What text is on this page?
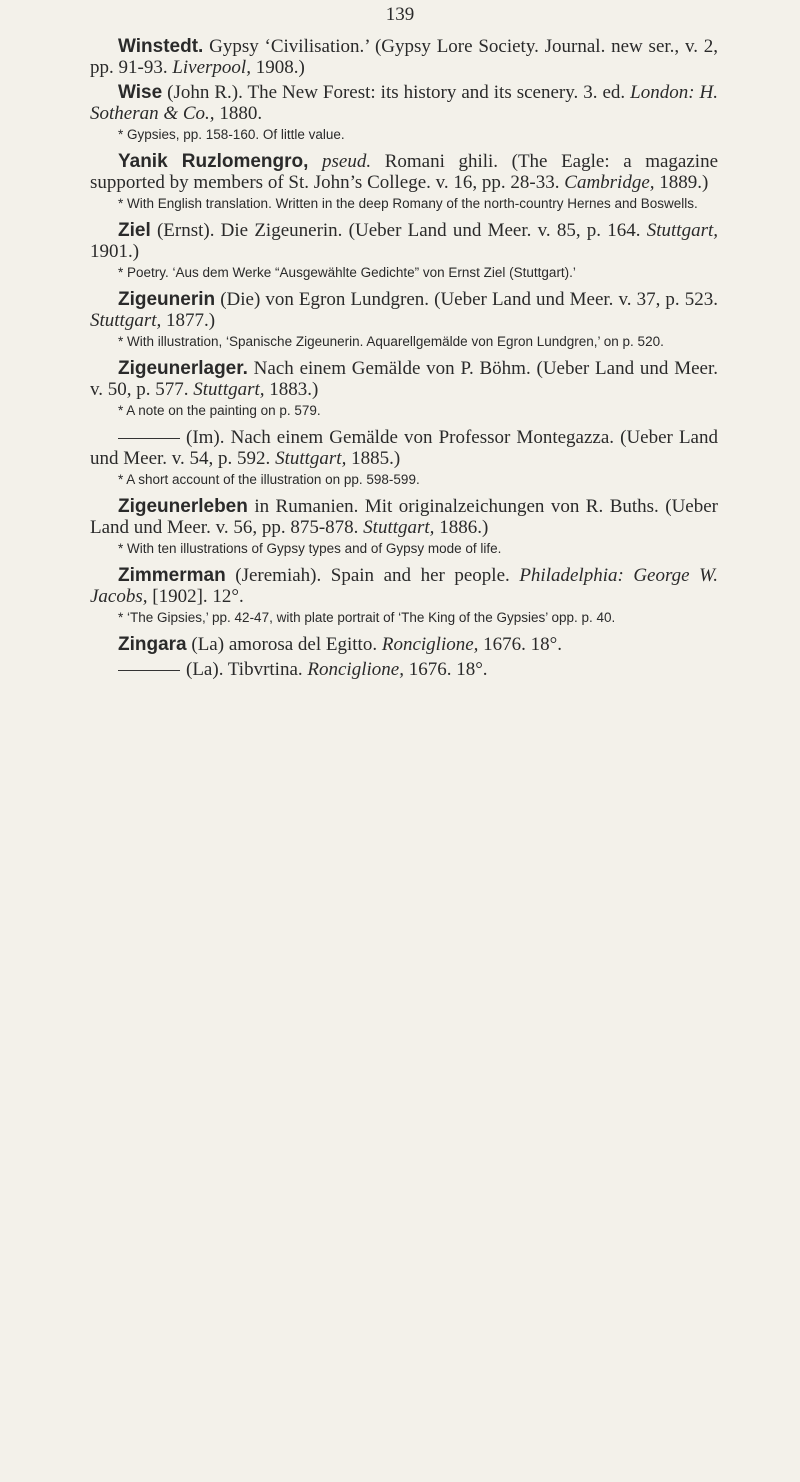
139

Winstedt. Gypsy ‘Civilisation.’ (Gypsy Lore Society. Journal. new ser., v. 2, pp. 91-93. Liverpool, 1908.)

Wise (John R.). The New Forest: its history and its scenery. 3. ed. London: H. Sotheran & Co., 1880.

* Gypsies, pp. 158-160. Of little value.

Yanik Ruzlomengro, pseud. Romani ghili. (The Eagle: a magazine supported by members of St. John’s College. v. 16, pp. 28-33. Cambridge, 1889.)

* With English translation. Written in the deep Romany of the north-country Hernes and Boswells.

Ziel (Ernst). Die Zigeunerin. (Ueber Land und Meer. v. 85, p. 164. Stuttgart, 1901.)

* Poetry. ‘Aus dem Werke “Ausgewählte Gedichte” von Ernst Ziel (Stuttgart).’

Zigeunerin (Die) von Egron Lundgren. (Ueber Land und Meer. v. 37, p. 523. Stuttgart, 1877.)

* With illustration, ‘Spanische Zigeunerin. Aquarellgemälde von Egron Lundgren,’ on p. 520.

Zigeunerlager. Nach einem Gemälde von P. Böhm. (Ueber Land und Meer. v. 50, p. 577. Stuttgart, 1883.)

* A note on the painting on p. 579.

(Im). Nach einem Gemälde von Professor Montegazza. (Ueber Land und Meer. v. 54, p. 592. Stuttgart, 1885.)

* A short account of the illustration on pp. 598-599.

Zigeunerleben in Rumanien. Mit originalzeichungen von R. Buths. (Ueber Land und Meer. v. 56, pp. 875-878. Stuttgart, 1886.)

* With ten illustrations of Gypsy types and of Gypsy mode of life.

Zimmerman (Jeremiah). Spain and her people. Philadelphia: George W. Jacobs, [1902]. 12°.

* ‘The Gipsies,’ pp. 42-47, with plate portrait of ‘The King of the Gypsies’ opp. p. 40.

Zingara (La) amorosa del Egitto. Ronciglione, 1676. 18°.

(La). Tibvrtina. Ronciglione, 1676. 18°.
